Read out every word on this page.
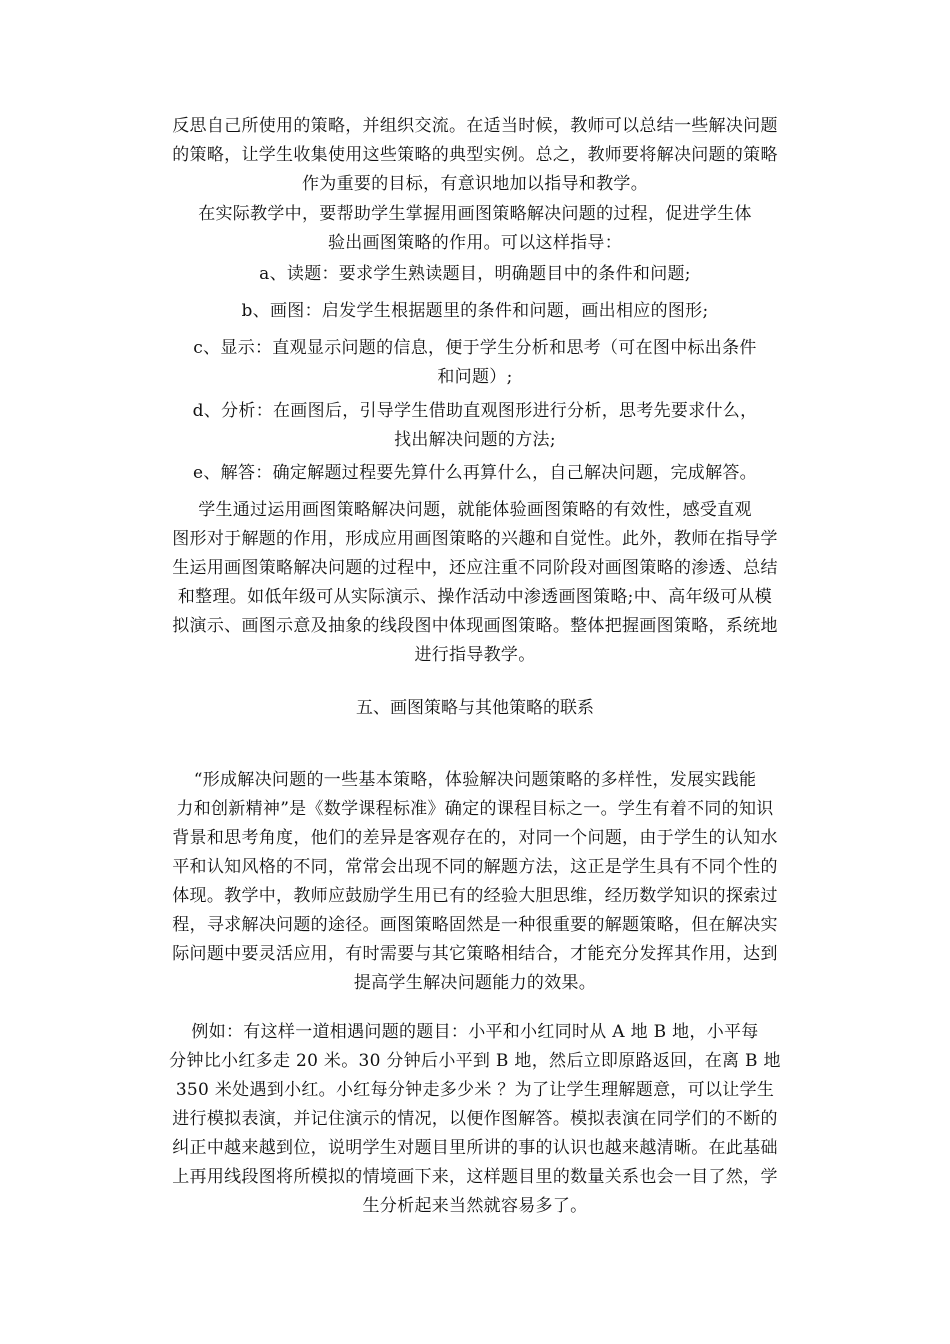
反思自己所使用的策略，并组织交流。在适当时候，教师可以总结一些解决问题
的策略，让学生收集使用这些策略的典型实例。总之，教师要将解决问题的策略
作为重要的目标，有意识地加以指导和教学。

在实际教学中，要帮助学生掌握用画图策略解决问题的过程，促进学生体
验出画图策略的作用。可以这样指导：

a、读题：要求学生熟读题目，明确题目中的条件和问题;

b、画图：启发学生根据题里的条件和问题，画出相应的图形;

c、显示：直观显示问题的信息，便于学生分析和思考（可在图中标出条件
和问题）;

d、分析：在画图后，引导学生借助直观图形进行分析，思考先要求什么，
找出解决问题的方法;

e、解答：确定解题过程要先算什么再算什么，自己解决问题，完成解答。

学生通过运用画图策略解决问题，就能体验画图策略的有效性，感受直观
图形对于解题的作用，形成应用画图策略的兴趣和自觉性。此外，教师在指导学
生运用画图策略解决问题的过程中，还应注重不同阶段对画图策略的渗透、总结
和整理。如低年级可从实际演示、操作活动中渗透画图策略;中、高年级可从模
拟演示、画图示意及抽象的线段图中体现画图策略。整体把握画图策略，系统地
进行指导教学。

五、画图策略与其他策略的联系

“形成解决问题的一些基本策略，体验解决问题策略的多样性，发展实践能
力和创新精神”是《数学课程标准》确定的课程目标之一。学生有着不同的知识
背景和思考角度，他们的差异是客观存在的，对同一个问题，由于学生的认知水
平和认知风格的不同，常常会出现不同的解题方法，这正是学生具有不同个性的
体现。教学中，教师应鼓励学生用已有的经验大胆思维，经历数学知识的探索过
程，寻求解决问题的途径。画图策略固然是一种很重要的解题策略，但在解决实
际问题中要灵活应用，有时需要与其它策略相结合，才能充分发挥其作用，达到
提高学生解决问题能力的效果。

例如：有这样一道相遇问题的题目：小平和小红同时从 A 地 B 地，小平每
分钟比小红多走 20 米。30 分钟后小平到 B 地，然后立即原路返回，在离 B 地
350 米处遇到小红。小红每分钟走多少米 ？为了让学生理解题意，可以让学生
进行模拟表演，并记住演示的情况，以便作图解答。模拟表演在同学们的不断的
纠正中越来越到位，说明学生对题目里所讲的事的认识也越来越清晰。在此基础
上再用线段图将所模拟的情境画下来，这样题目里的数量关系也会一目了然，学
生分析起来当然就容易多了。
